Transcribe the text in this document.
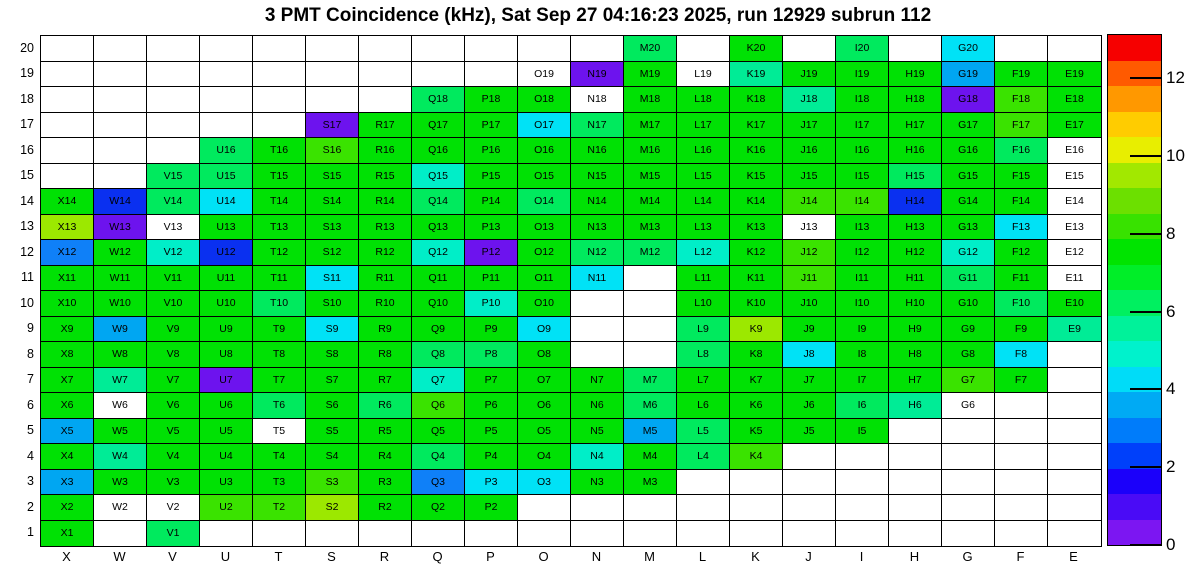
3 PMT Coincidence (kHz), Sat Sep 27 04:16:23 2025, run 12929 subrun 112
M20	K20	I20	G20
O19	N19	M19	L19	K19	J19	I19	H19	G19	F19	E19
Q18	P18	O18	N18	M18	L18	K18	J18	I18	H18	G18	F18	E18
S17	R17	Q17	P17	O17	N17	M17	L17	K17	J17	I17	H17	G17	F17	E17
U16	T16	S16	R16	Q16	P16	O16	N16	M16	L16	K16	J16	I16	H16	G16	F16	E16
V15	U15	T15	S15	R15	Q15	P15	O15	N15	M15	L15	K15	J15	I15	H15	G15	F15	E15
X14	W14	V14	U14	T14	S14	R14	Q14	P14	O14	N14	M14	L14	K14	J14	I14	H14	G14	F14	E14
X13	W13	V13	U13	T13	S13	R13	Q13	P13	O13	N13	M13	L13	K13	J13	I13	H13	G13	F13	E13
X12	W12	V12	U12	T12	S12	R12	Q12	P12	O12	N12	M12	L12	K12	J12	I12	H12	G12	F12	E12
X11	W11	V11	U11	T11	S11	R11	Q11	P11	O11	N11	L11	K11	J11	I11	H11	G11	F11	E11
X10	W10	V10	U10	T10	S10	R10	Q10	P10	O10	L10	K10	J10	I10	H10	G10	F10	E10
X9	W9	V9	U9	T9	S9	R9	Q9	P9	O9	L9	K9	J9	I9	H9	G9	F9	E9
X8	W8	V8	U8	T8	S8	R8	Q8	P8	O8	L8	K8	J8	I8	H8	G8	F8
X7	W7	V7	U7	T7	S7	R7	Q7	P7	O7	N7	M7	L7	K7	J7	I7	H7	G7	F7
X6	W6	V6	U6	T6	S6	R6	Q6	P6	O6	N6	M6	L6	K6	J6	I6	H6	G6
X5	W5	V5	U5	T5	S5	R5	Q5	P5	O5	N5	M5	L5	K5	J5	I5
X4	W4	V4	U4	T4	S4	R4	Q4	P4	O4	N4	M4	L4	K4
X3	W3	V3	U3	T3	S3	R3	Q3	P3	O3	N3	M3
X2	W2	V2	U2	T2	S2	R2	Q2	P2
X1	V1
20
19
18
17
16
15
14
13
12
11
10
9
8
7
6
5
4
3
2
1
X	W	V	U	T	S	R	Q	P	O	N	M	L	K	J	I	H	G	F	E
0
2
4
6
8
10
12
